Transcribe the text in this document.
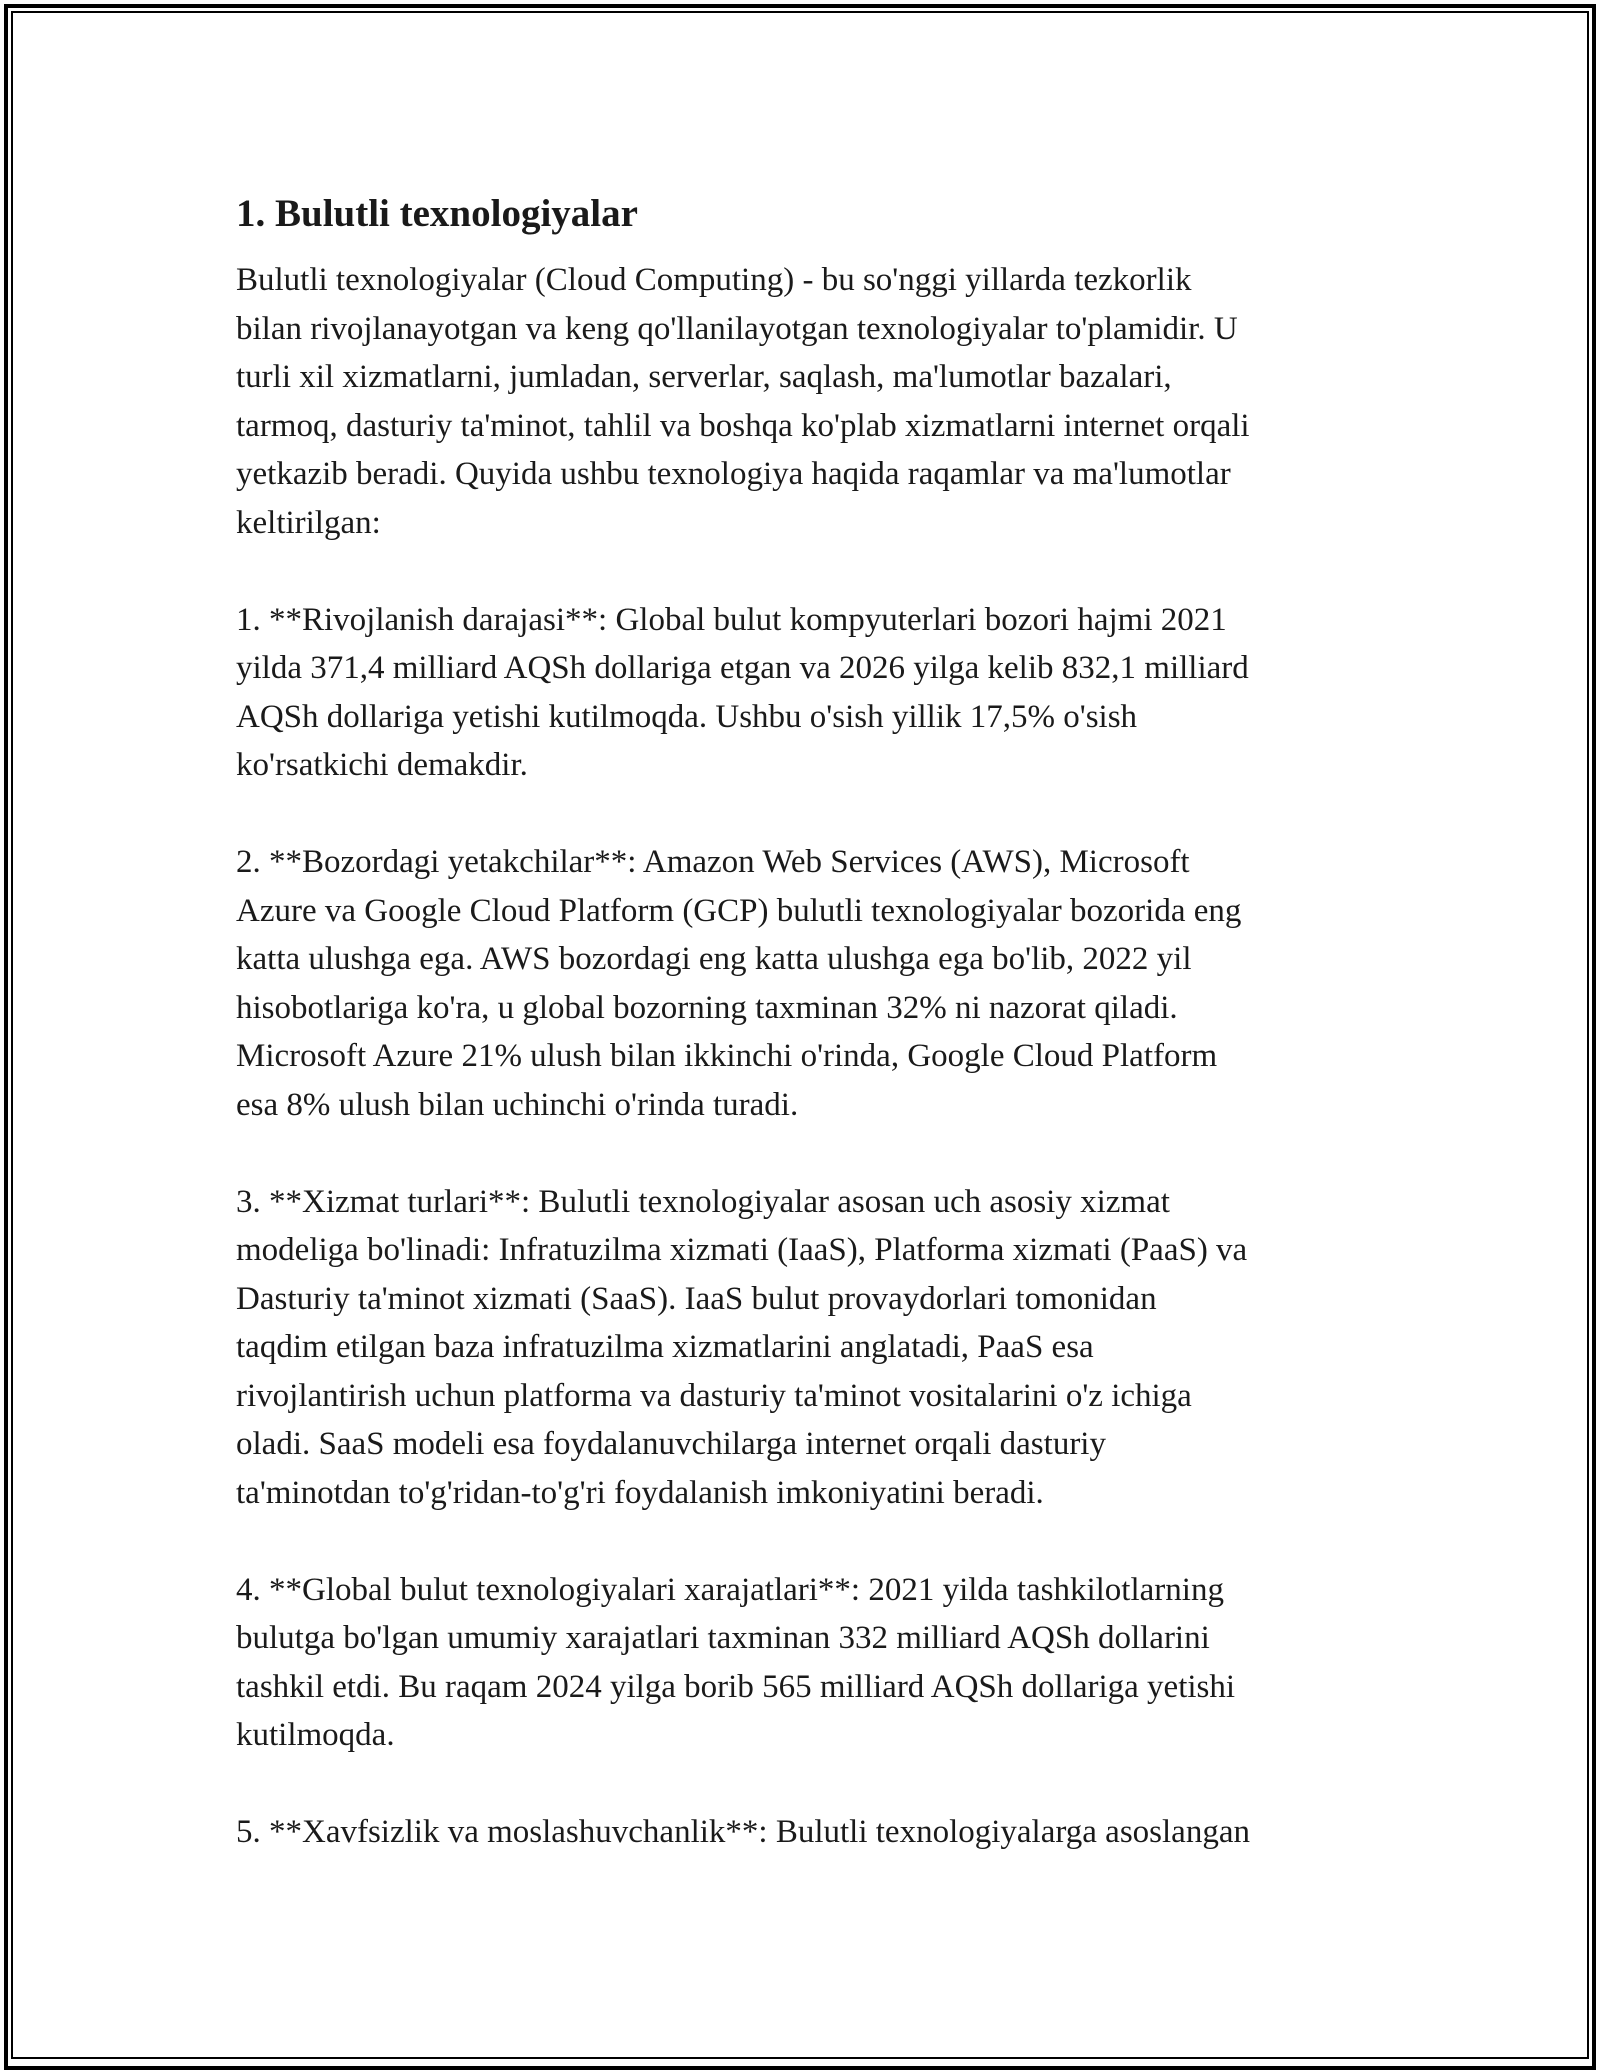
1. Bulutli texnologiyalar

Bulutli texnologiyalar (Cloud Computing) - bu so'nggi yillarda tezkorlik
bilan rivojlanayotgan va keng qo'llanilayotgan texnologiyalar to'plamidir. U
turli xil xizmatlarni, jumladan, serverlar, saqlash, ma'lumotlar bazalari,
tarmoq, dasturiy ta'minot, tahlil va boshqa ko'plab xizmatlarni internet orqali
yetkazib beradi. Quyida ushbu texnologiya haqida raqamlar va ma'lumotlar
keltirilgan:

1. **Rivojlanish darajasi**: Global bulut kompyuterlari bozori hajmi 2021
yilda 371,4 milliard AQSh dollariga etgan va 2026 yilga kelib 832,1 milliard
AQSh dollariga yetishi kutilmoqda. Ushbu o'sish yillik 17,5% o'sish
ko'rsatkichi demakdir.

2. **Bozordagi yetakchilar**: Amazon Web Services (AWS), Microsoft
Azure va Google Cloud Platform (GCP) bulutli texnologiyalar bozorida eng
katta ulushga ega. AWS bozordagi eng katta ulushga ega bo'lib, 2022 yil
hisobotlariga ko'ra, u global bozorning taxminan 32% ni nazorat qiladi.
Microsoft Azure 21% ulush bilan ikkinchi o'rinda, Google Cloud Platform
esa 8% ulush bilan uchinchi o'rinda turadi.

3. **Xizmat turlari**: Bulutli texnologiyalar asosan uch asosiy xizmat
modeliga bo'linadi: Infratuzilma xizmati (IaaS), Platforma xizmati (PaaS) va
Dasturiy ta'minot xizmati (SaaS). IaaS bulut provaydorlari tomonidan
taqdim etilgan baza infratuzilma xizmatlarini anglatadi, PaaS esa
rivojlantirish uchun platforma va dasturiy ta'minot vositalarini o'z ichiga
oladi. SaaS modeli esa foydalanuvchilarga internet orqali dasturiy
ta'minotdan to'g'ridan-to'g'ri foydalanish imkoniyatini beradi.

4. **Global bulut texnologiyalari xarajatlari**: 2021 yilda tashkilotlarning
bulutga bo'lgan umumiy xarajatlari taxminan 332 milliard AQSh dollarini
tashkil etdi. Bu raqam 2024 yilga borib 565 milliard AQSh dollariga yetishi
kutilmoqda.

5. **Xavfsizlik va moslashuvchanlik**: Bulutli texnologiyalarga asoslangan
